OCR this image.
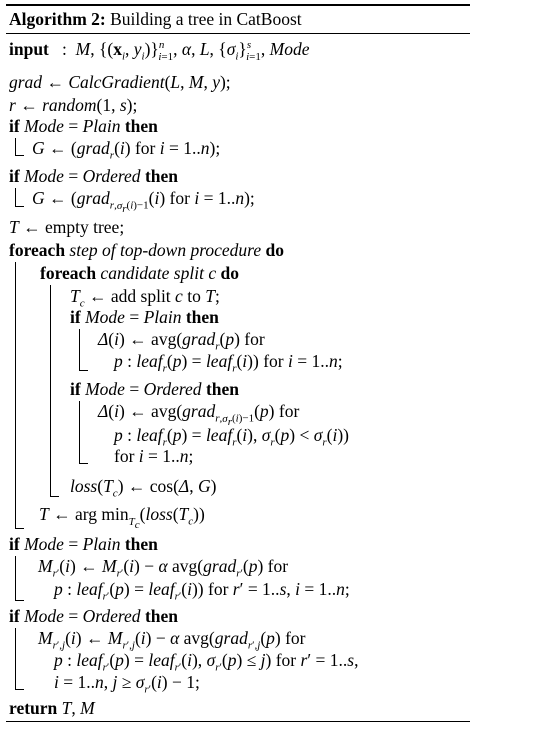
Algorithm 2: Building a tree in CatBoost
input   :  M, {($x_i$, $y_i)\}^n_{i=1}$, α, L, $\{\sigma_i\}^s_{i=1}$, Mode
grad ← CalcGradient(L, M, y);
r ← random(1, s);
if Mode = Plain then
G ← (grad$_r$(i) for i = 1..n);
if Mode = Ordered then
G ← (grad$_{r,\sigma_r(i)-1}$(i) for i = 1..n);
T ← empty tree;
foreach step of top-down procedure do
foreach candidate split c do
$T_c$ ← add split c to T;
if Mode = Plain then
Δ(i) ← avg(grad$_r$(p) for
p : leaf$_r$(p) = leaf$_r$(i)) for i = 1..n;
if Mode = Ordered then
Δ(i) ← avg(grad$_{r,\sigma_r(i)-1}$(p) for
p : leaf$_r$(p) = leaf$_r$(i), $\sigma_r(p) < \sigma_r(i)$)
for i = 1..n;
$loss(T_c)$ ← cos(Δ, G)
T ← arg $\min_{T_c}(loss(T_c))$
if Mode = Plain then
$M_{r'}(i)$ ← $M_{r'}(i) - \alpha$ avg(grad$_{r'}$(p) for
p : leaf$_{r'}$(p) = leaf$_{r'}$(i)) for r′ = 1..s, i = 1..n;
if Mode = Ordered then
$M_{r',j}(i)$ ← $M_{r',j}(i) - \alpha$ avg(grad$_{r',j}$(p) for
p : leaf$_{r'}$(p) = leaf$_{r'}$(i), $\sigma_{r'}(p) \le j$) for r′ = 1..s,
i = 1..n, $j \ge \sigma_{r'}(i) - 1$;
return T, M
